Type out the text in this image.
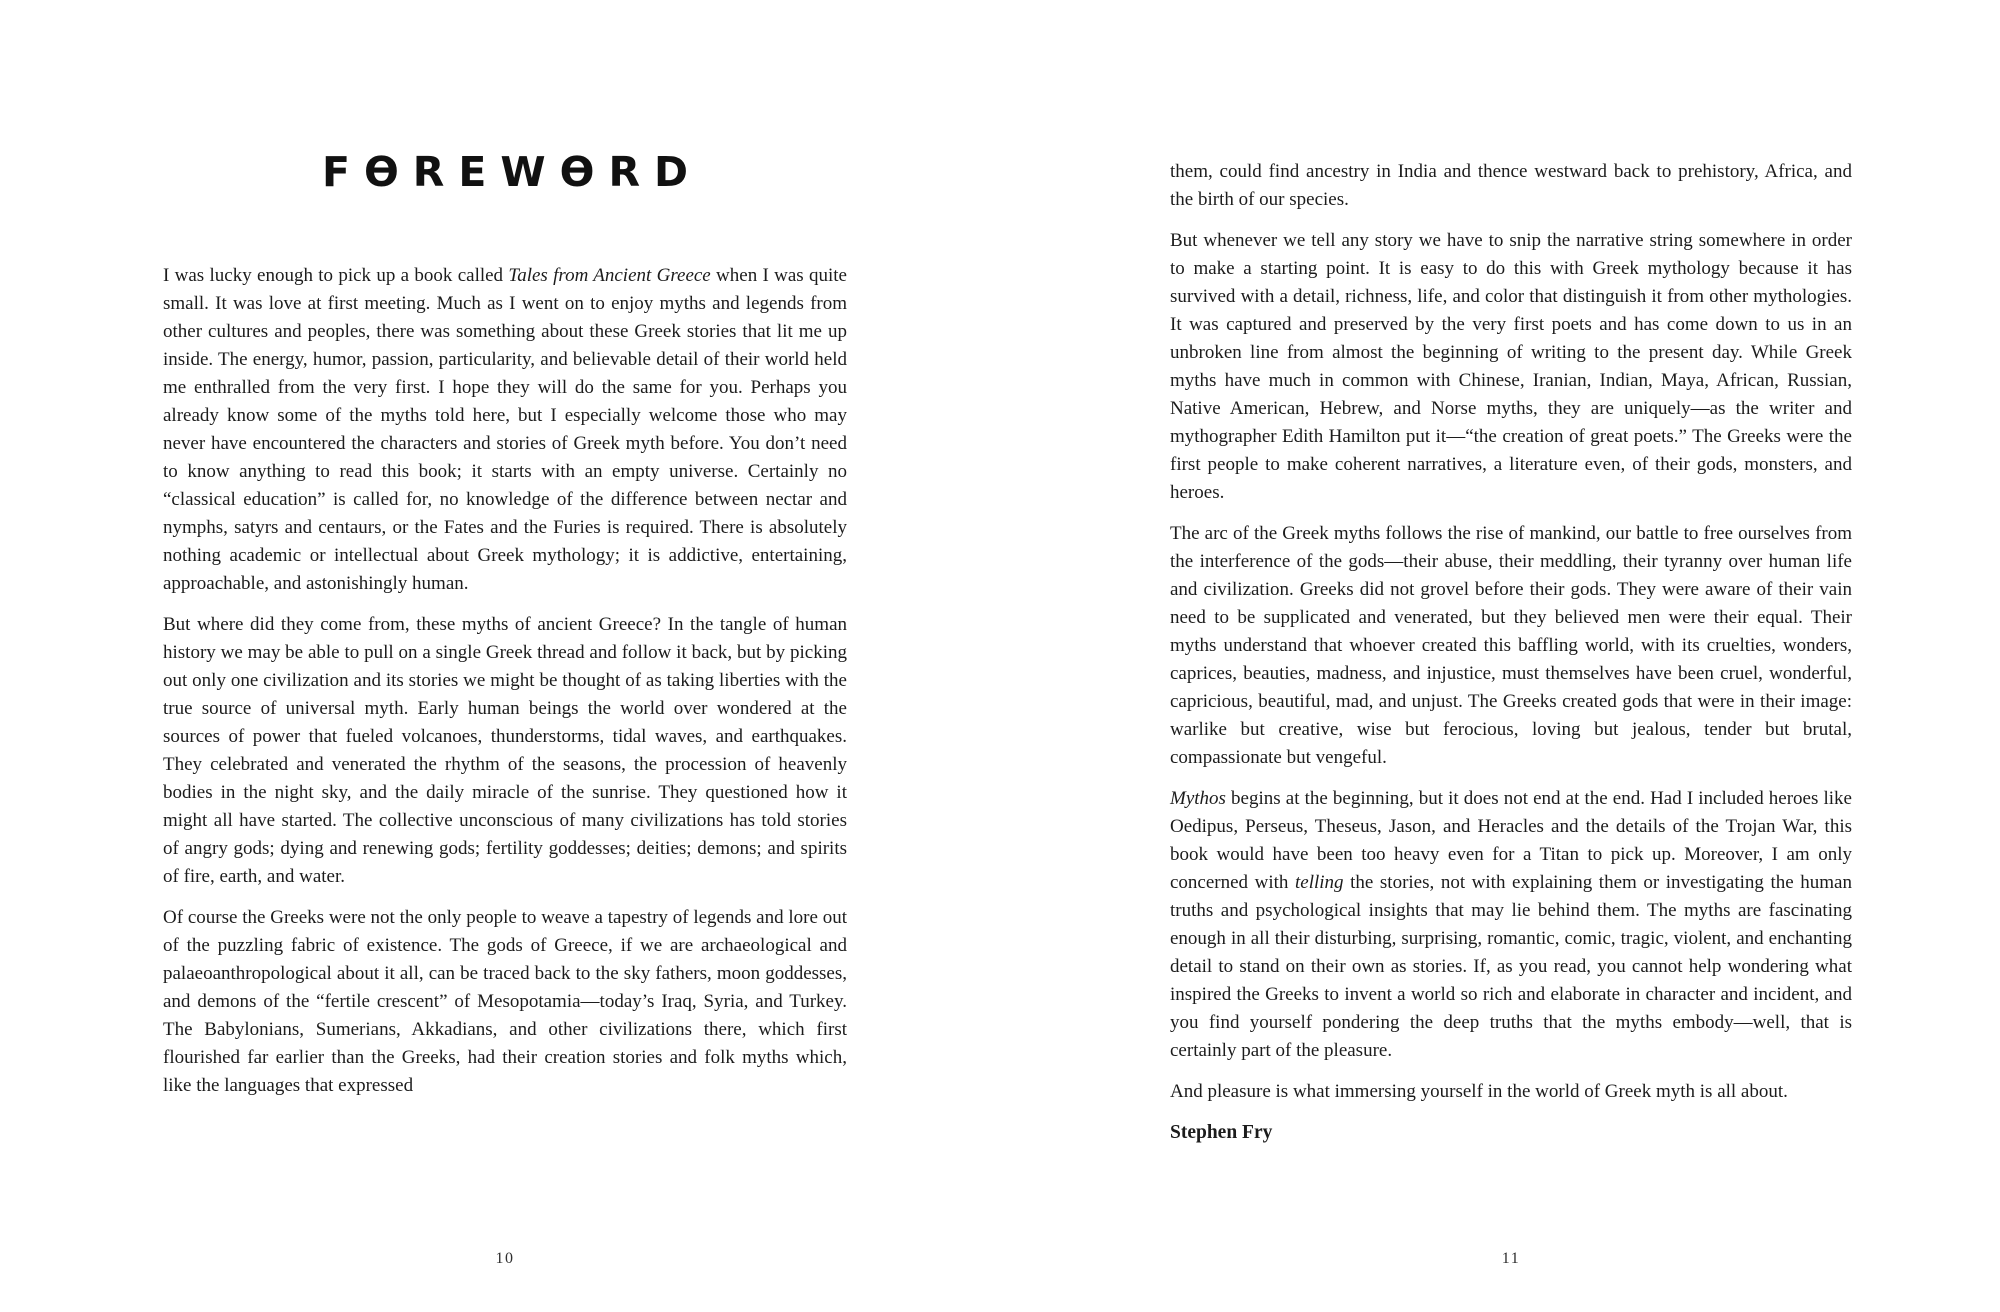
FӨREWӨRD

I was lucky enough to pick up a book called Tales from Ancient Greece when I was quite small. It was love at first meeting. Much as I went on to enjoy myths and legends from other cultures and peoples, there was something about these Greek stories that lit me up inside. The energy, humor, passion, particularity, and believable detail of their world held me enthralled from the very first. I hope they will do the same for you. Perhaps you already know some of the myths told here, but I especially welcome those who may never have encountered the characters and stories of Greek myth before. You don’t need to know anything to read this book; it starts with an empty universe. Certainly no “classical education” is called for, no knowledge of the difference between nectar and nymphs, satyrs and centaurs, or the Fates and the Furies is required. There is absolutely nothing academic or intellectual about Greek mythology; it is addictive, entertaining, approachable, and astonishingly human.

But where did they come from, these myths of ancient Greece? In the tangle of human history we may be able to pull on a single Greek thread and follow it back, but by picking out only one civilization and its stories we might be thought of as taking liberties with the true source of universal myth. Early human beings the world over wondered at the sources of power that fueled volcanoes, thunderstorms, tidal waves, and earthquakes. They celebrated and venerated the rhythm of the seasons, the procession of heavenly bodies in the night sky, and the daily miracle of the sunrise. They questioned how it might all have started. The collective unconscious of many civilizations has told stories of angry gods; dying and renewing gods; fertility goddesses; deities; demons; and spirits of fire, earth, and water.

Of course the Greeks were not the only people to weave a tapestry of legends and lore out of the puzzling fabric of existence. The gods of Greece, if we are archaeological and palaeoanthropological about it all, can be traced back to the sky fathers, moon goddesses, and demons of the “fertile crescent” of Mesopotamia—today’s Iraq, Syria, and Turkey. The Babylonians, Sumerians, Akkadians, and other civilizations there, which first flourished far earlier than the Greeks, had their creation stories and folk myths which, like the languages that expressed

10

them, could find ancestry in India and thence westward back to prehistory, Africa, and the birth of our species.

But whenever we tell any story we have to snip the narrative string somewhere in order to make a starting point. It is easy to do this with Greek mythology because it has survived with a detail, richness, life, and color that distinguish it from other mythologies. It was captured and preserved by the very first poets and has come down to us in an unbroken line from almost the beginning of writing to the present day. While Greek myths have much in common with Chinese, Iranian, Indian, Maya, African, Russian, Native American, Hebrew, and Norse myths, they are uniquely—as the writer and mythographer Edith Hamilton put it—“the creation of great poets.” The Greeks were the first people to make coherent narratives, a literature even, of their gods, monsters, and heroes.

The arc of the Greek myths follows the rise of mankind, our battle to free ourselves from the interference of the gods—their abuse, their meddling, their tyranny over human life and civilization. Greeks did not grovel before their gods. They were aware of their vain need to be supplicated and venerated, but they believed men were their equal. Their myths understand that whoever created this baffling world, with its cruelties, wonders, caprices, beauties, madness, and injustice, must themselves have been cruel, wonderful, capricious, beautiful, mad, and unjust. The Greeks created gods that were in their image: warlike but creative, wise but ferocious, loving but jealous, tender but brutal, compassionate but vengeful.

Mythos begins at the beginning, but it does not end at the end. Had I included heroes like Oedipus, Perseus, Theseus, Jason, and Heracles and the details of the Trojan War, this book would have been too heavy even for a Titan to pick up. Moreover, I am only concerned with telling the stories, not with explaining them or investigating the human truths and psychological insights that may lie behind them. The myths are fascinating enough in all their disturbing, surprising, romantic, comic, tragic, violent, and enchanting detail to stand on their own as stories. If, as you read, you cannot help wondering what inspired the Greeks to invent a world so rich and elaborate in character and incident, and you find yourself pondering the deep truths that the myths embody—well, that is certainly part of the pleasure.

And pleasure is what immersing yourself in the world of Greek myth is all about.

Stephen Fry

11
